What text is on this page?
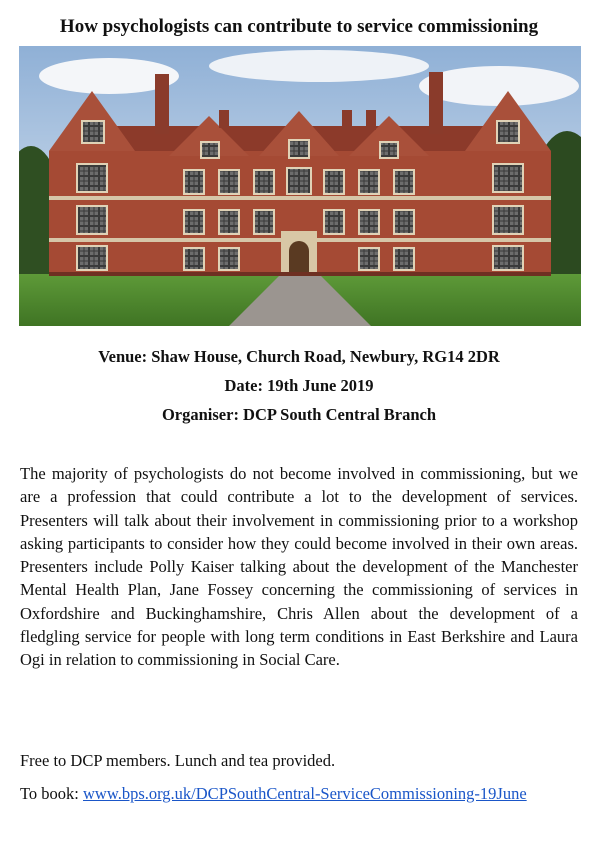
How psychologists can contribute to service commissioning
Venue: Shaw House, Church Road, Newbury, RG14 2DR
Date: 19th June 2019
Organiser: DCP South Central Branch

The majority of psychologists do not become involved in commissioning, but we are a profession that could contribute a lot to the development of services. Presenters will talk about their involvement in commissioning prior to a workshop asking participants to consider how they could become involved in their own areas. Presenters include Polly Kaiser talking about the development of the Manchester Mental Health Plan, Jane Fossey concerning the commissioning of services in Oxfordshire and Buckinghamshire, Chris Allen about the development of a fledgling service for people with long term conditions in East Berkshire and Laura Ogi in relation to commissioning in Social Care.

Free to DCP members. Lunch and tea provided.

To book: www.bps.org.uk/DCPSouthCentral-ServiceCommissioning-19June
